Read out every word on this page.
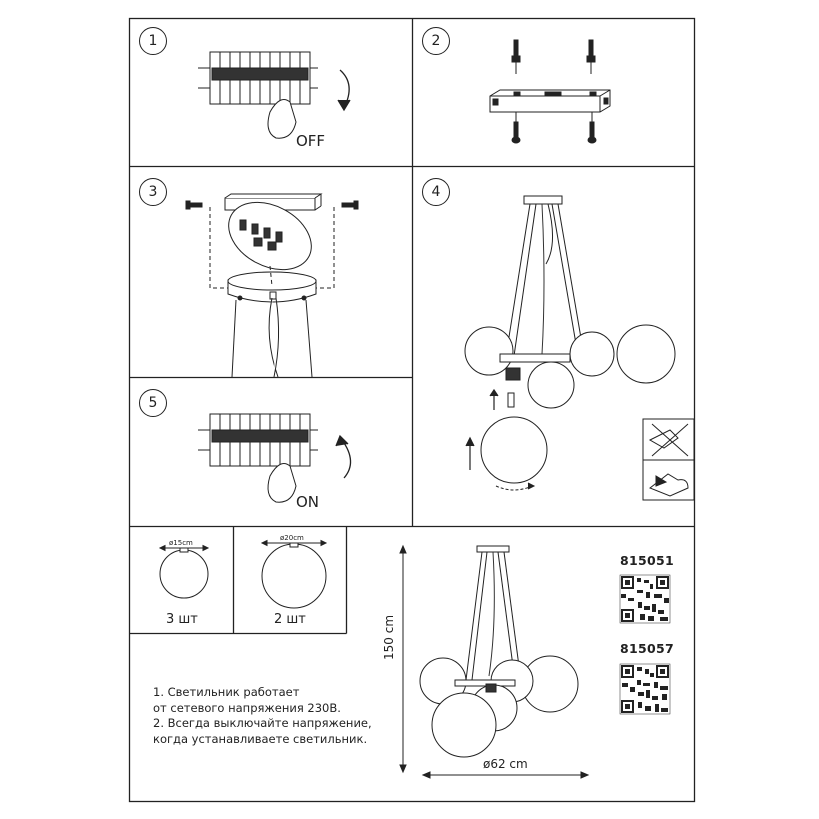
1
OFF
2
3	4
5
ON
ø15cm
ø20cm
3 шт	2 шт
1. Светильник работает
от сетевого напряжения 230В.
2. Всегда выключайте напряжение,
когда устанавливаете светильник.
150 cm
ø62 cm
815051
815057
